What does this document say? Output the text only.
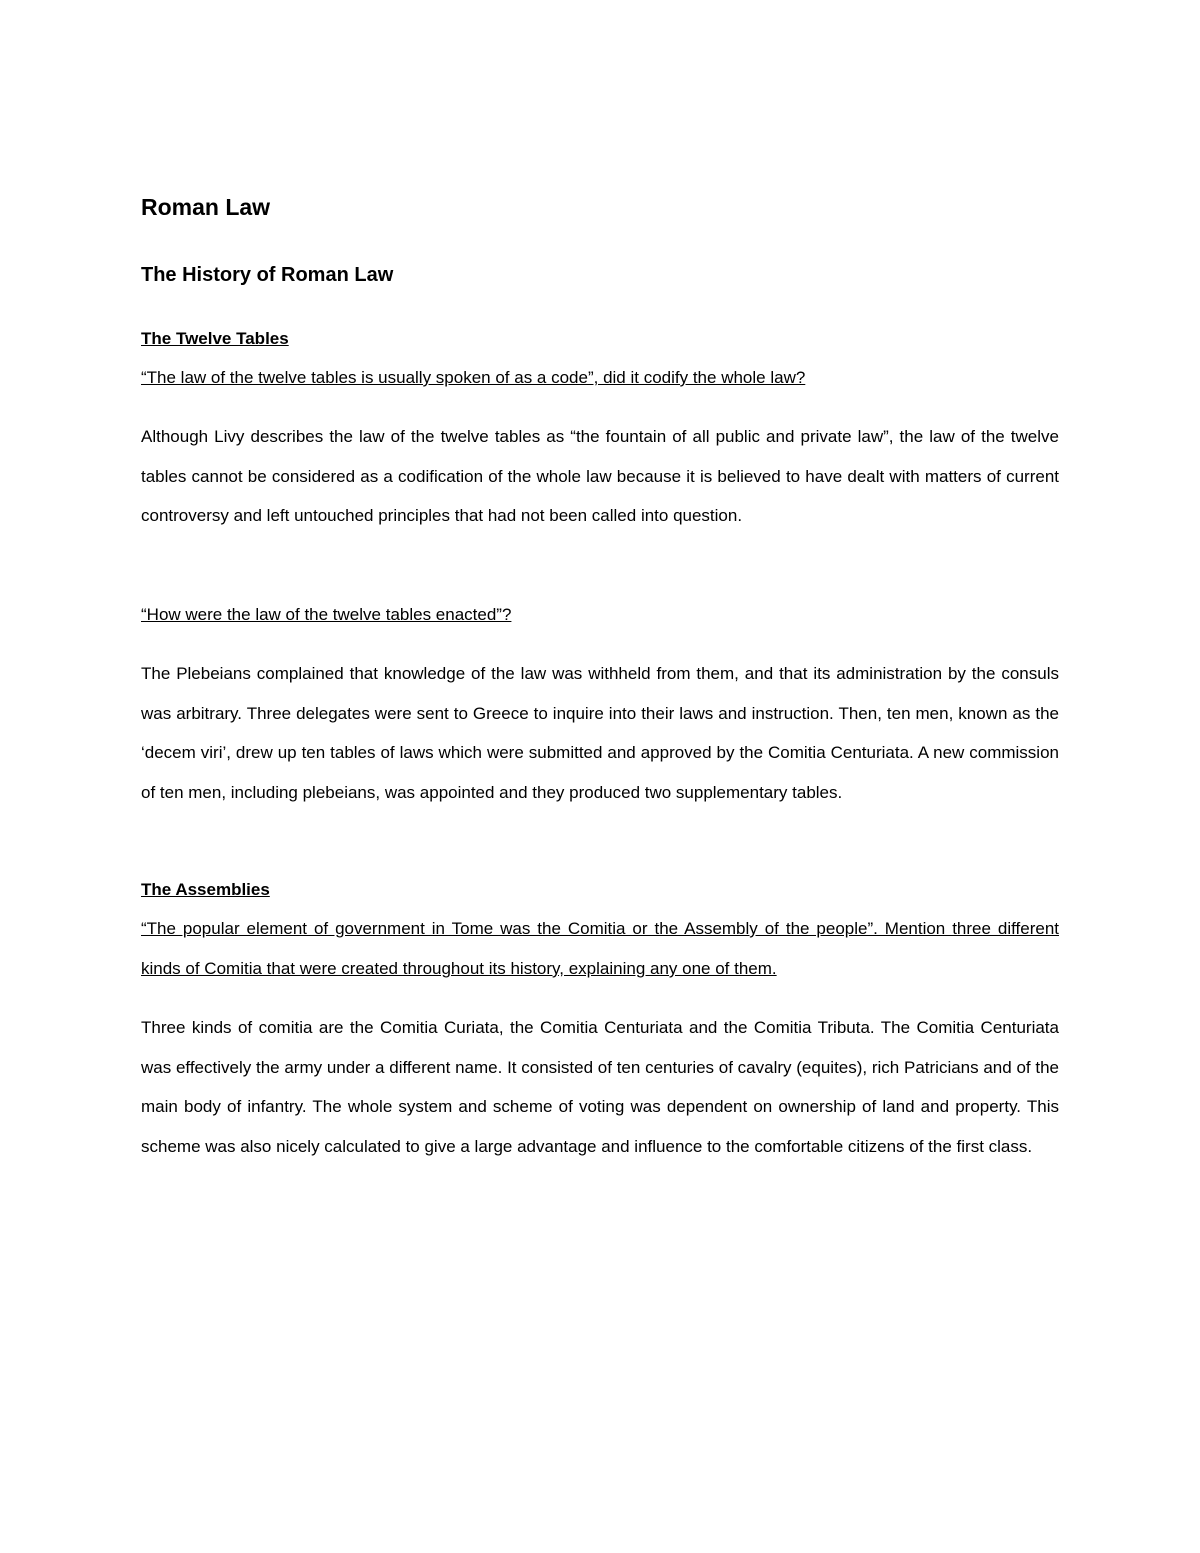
Roman Law
The History of Roman Law
The Twelve Tables

“The law of the twelve tables is usually spoken of as a code”, did it codify the whole law?

Although Livy describes the law of the twelve tables as “the fountain of all public and private law”, the law of the twelve tables cannot be considered as a codification of the whole law because it is believed to have dealt with matters of current controversy and left untouched principles that had not been called into question.

“How were the law of the twelve tables enacted”?

The Plebeians complained that knowledge of the law was withheld from them, and that its administration by the consuls was arbitrary. Three delegates were sent to Greece to inquire into their laws and instruction. Then, ten men, known as the ‘decem viri’, drew up ten tables of laws which were submitted and approved by the Comitia Centuriata. A new commission of ten men, including plebeians, was appointed and they produced two supplementary tables.

The Assemblies

“The popular element of government in Tome was the Comitia or the Assembly of the people”. Mention three different kinds of Comitia that were created throughout its history, explaining any one of them.

Three kinds of comitia are the Comitia Curiata, the Comitia Centuriata and the Comitia Tributa. The Comitia Centuriata was effectively the army under a different name. It consisted of ten centuries of cavalry (equites), rich Patricians and of the main body of infantry. The whole system and scheme of voting was dependent on ownership of land and property. This scheme was also nicely calculated to give a large advantage and influence to the comfortable citizens of the first class.
